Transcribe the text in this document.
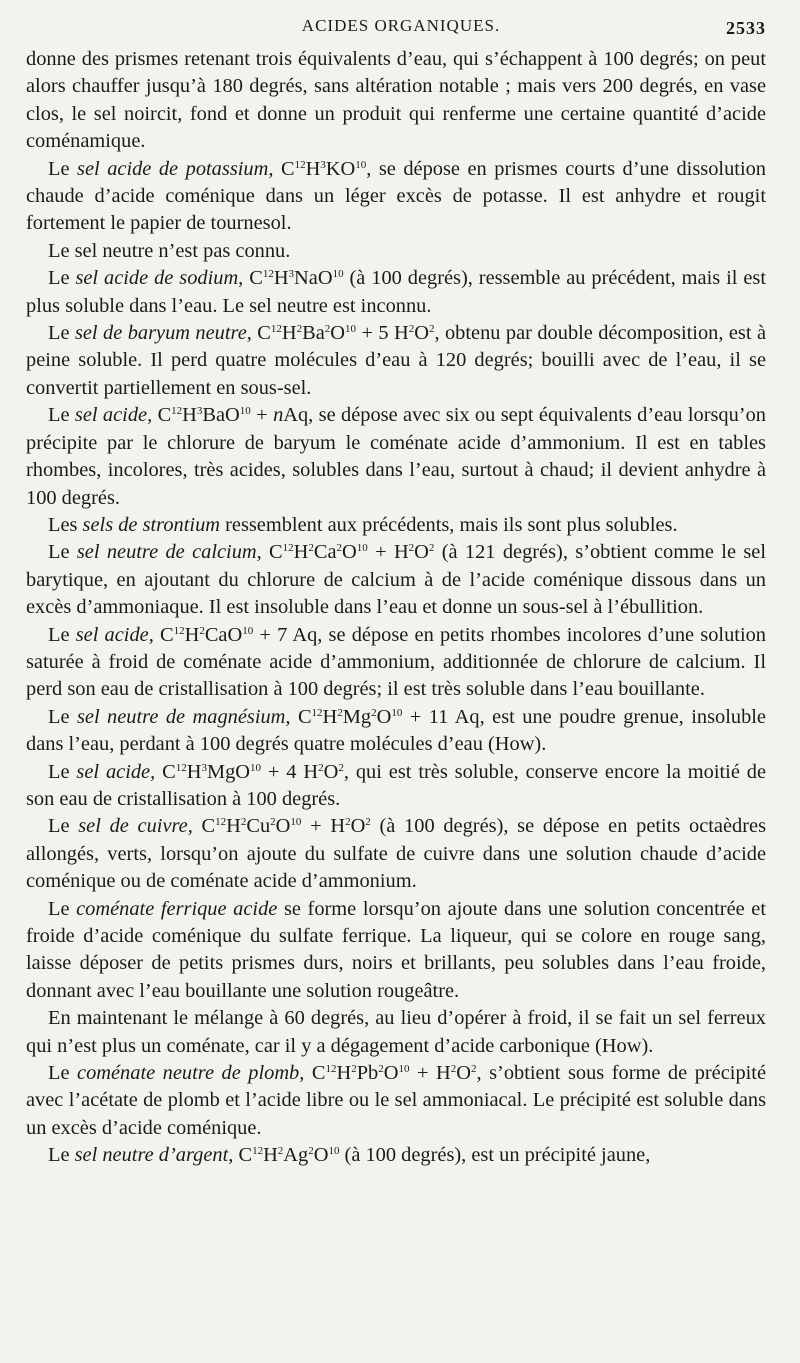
ACIDES ORGANIQUES.	2533

donne des prismes retenant trois équivalents d’eau, qui s’échappent à 100 degrés; on peut alors chauffer jusqu’à 180 degrés, sans altération notable ; mais vers 200 degrés, en vase clos, le sel noircit, fond et donne un produit qui renferme une certaine quantité d’acide coménamique.

Le sel acide de potassium, $C^{12}H^3KO^{10}$, se dépose en prismes courts d’une dissolution chaude d’acide coménique dans un léger excès de potasse. Il est anhydre et rougit fortement le papier de tournesol.

Le sel neutre n’est pas connu.

Le sel acide de sodium, $C^{12}H^3NaO^{10}$ (à 100 degrés), ressemble au précédent, mais il est plus soluble dans l’eau. Le sel neutre est inconnu.

Le sel de baryum neutre, $C^{12}H^2Ba^2O^{10} + 5$ $H^2O^2$, obtenu par double décomposition, est à peine soluble. Il perd quatre molécules d’eau à 120 degrés; bouilli avec de l’eau, il se convertit partiellement en sous-sel.

Le sel acide, $C^{12}H^3BaO^{10}$ + nAq, se dépose avec six ou sept équivalents d’eau lorsqu’on précipite par le chlorure de baryum le coménate acide d’ammonium. Il est en tables rhombes, incolores, très acides, solubles dans l’eau, surtout à chaud; il devient anhydre à 100 degrés.

Les sels de strontium ressemblent aux précédents, mais ils sont plus solubles.

Le sel neutre de calcium, $C^{12}H^2Ca^2O^{10} + H^2O^2$ (à 121 degrés), s’obtient comme le sel barytique, en ajoutant du chlorure de calcium à de l’acide coménique dissous dans un excès d’ammoniaque. Il est insoluble dans l’eau et donne un sous-sel à l’ébullition.

Le sel acide, $C^{12}H^2CaO^{10} + 7$ Aq, se dépose en petits rhombes incolores d’une solution saturée à froid de coménate acide d’ammonium, additionnée de chlorure de calcium. Il perd son eau de cristallisation à 100 degrés; il est très soluble dans l’eau bouillante.

Le sel neutre de magnésium, $C^{12}H^2Mg^2O^{10} + 11$ Aq, est une poudre grenue, insoluble dans l’eau, perdant à 100 degrés quatre molécules d’eau (How).

Le sel acide, $C^{12}H^3MgO^{10} + 4$ $H^2O^2$, qui est très soluble, conserve encore la moitié de son eau de cristallisation à 100 degrés.

Le sel de cuivre, $C^{12}H^2Cu^2O^{10} + H^2O^2$ (à 100 degrés), se dépose en petits octaèdres allongés, verts, lorsqu’on ajoute du sulfate de cuivre dans une solution chaude d’acide coménique ou de coménate acide d’ammonium.

Le coménate ferrique acide se forme lorsqu’on ajoute dans une solution concentrée et froide d’acide coménique du sulfate ferrique. La liqueur, qui se colore en rouge sang, laisse déposer de petits prismes durs, noirs et brillants, peu solubles dans l’eau froide, donnant avec l’eau bouillante une solution rougeâtre.

En maintenant le mélange à 60 degrés, au lieu d’opérer à froid, il se fait un sel ferreux qui n’est plus un coménate, car il y a dégagement d’acide carbonique (How).

Le coménate neutre de plomb, $C^{12}H^2Pb^2O^{10} + H^2O^2$, s’obtient sous forme de précipité avec l’acétate de plomb et l’acide libre ou le sel ammoniacal. Le précipité est soluble dans un excès d’acide coménique.

Le sel neutre d’argent, $C^{12}H^2Ag^2O^{10}$ (à 100 degrés), est un précipité jaune,
